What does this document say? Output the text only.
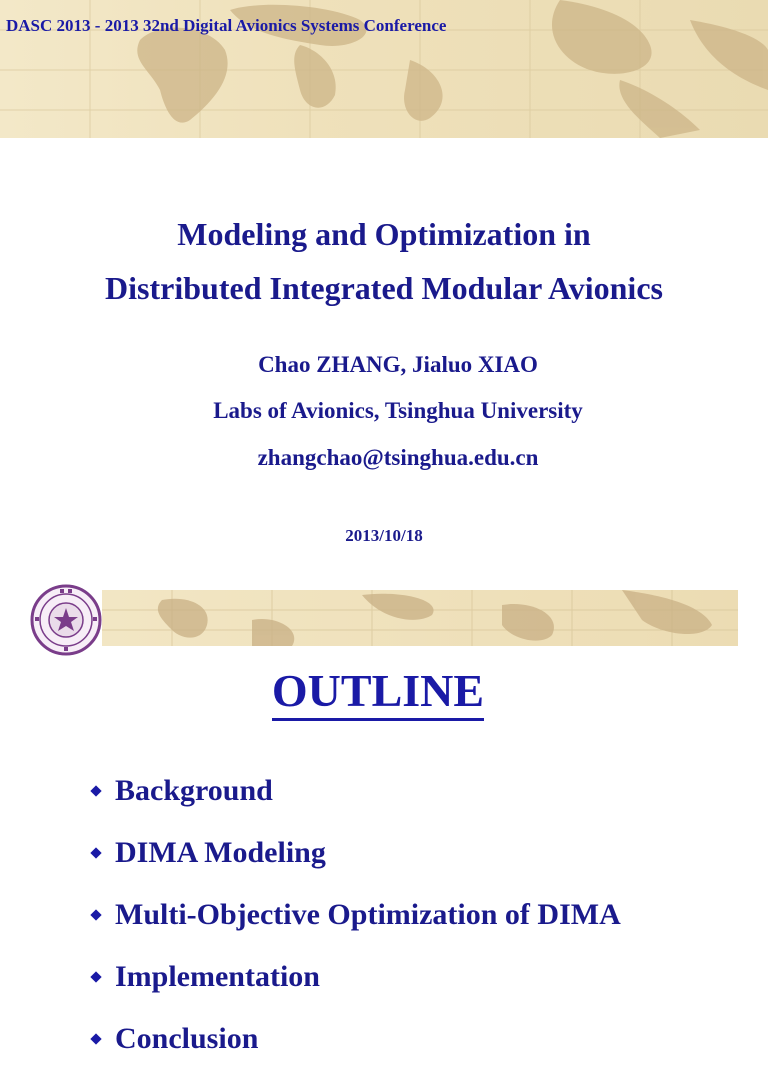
DASC 2013 - 2013 32nd Digital Avionics Systems Conference
Modeling and Optimization in
Distributed Integrated Modular Avionics
Chao ZHANG, Jialuo XIAO
Labs of Avionics, Tsinghua University
zhangchao@tsinghua.edu.cn
2013/10/18
OUTLINE
Background
DIMA Modeling
Multi-Objective Optimization of DIMA
Implementation
Conclusion
